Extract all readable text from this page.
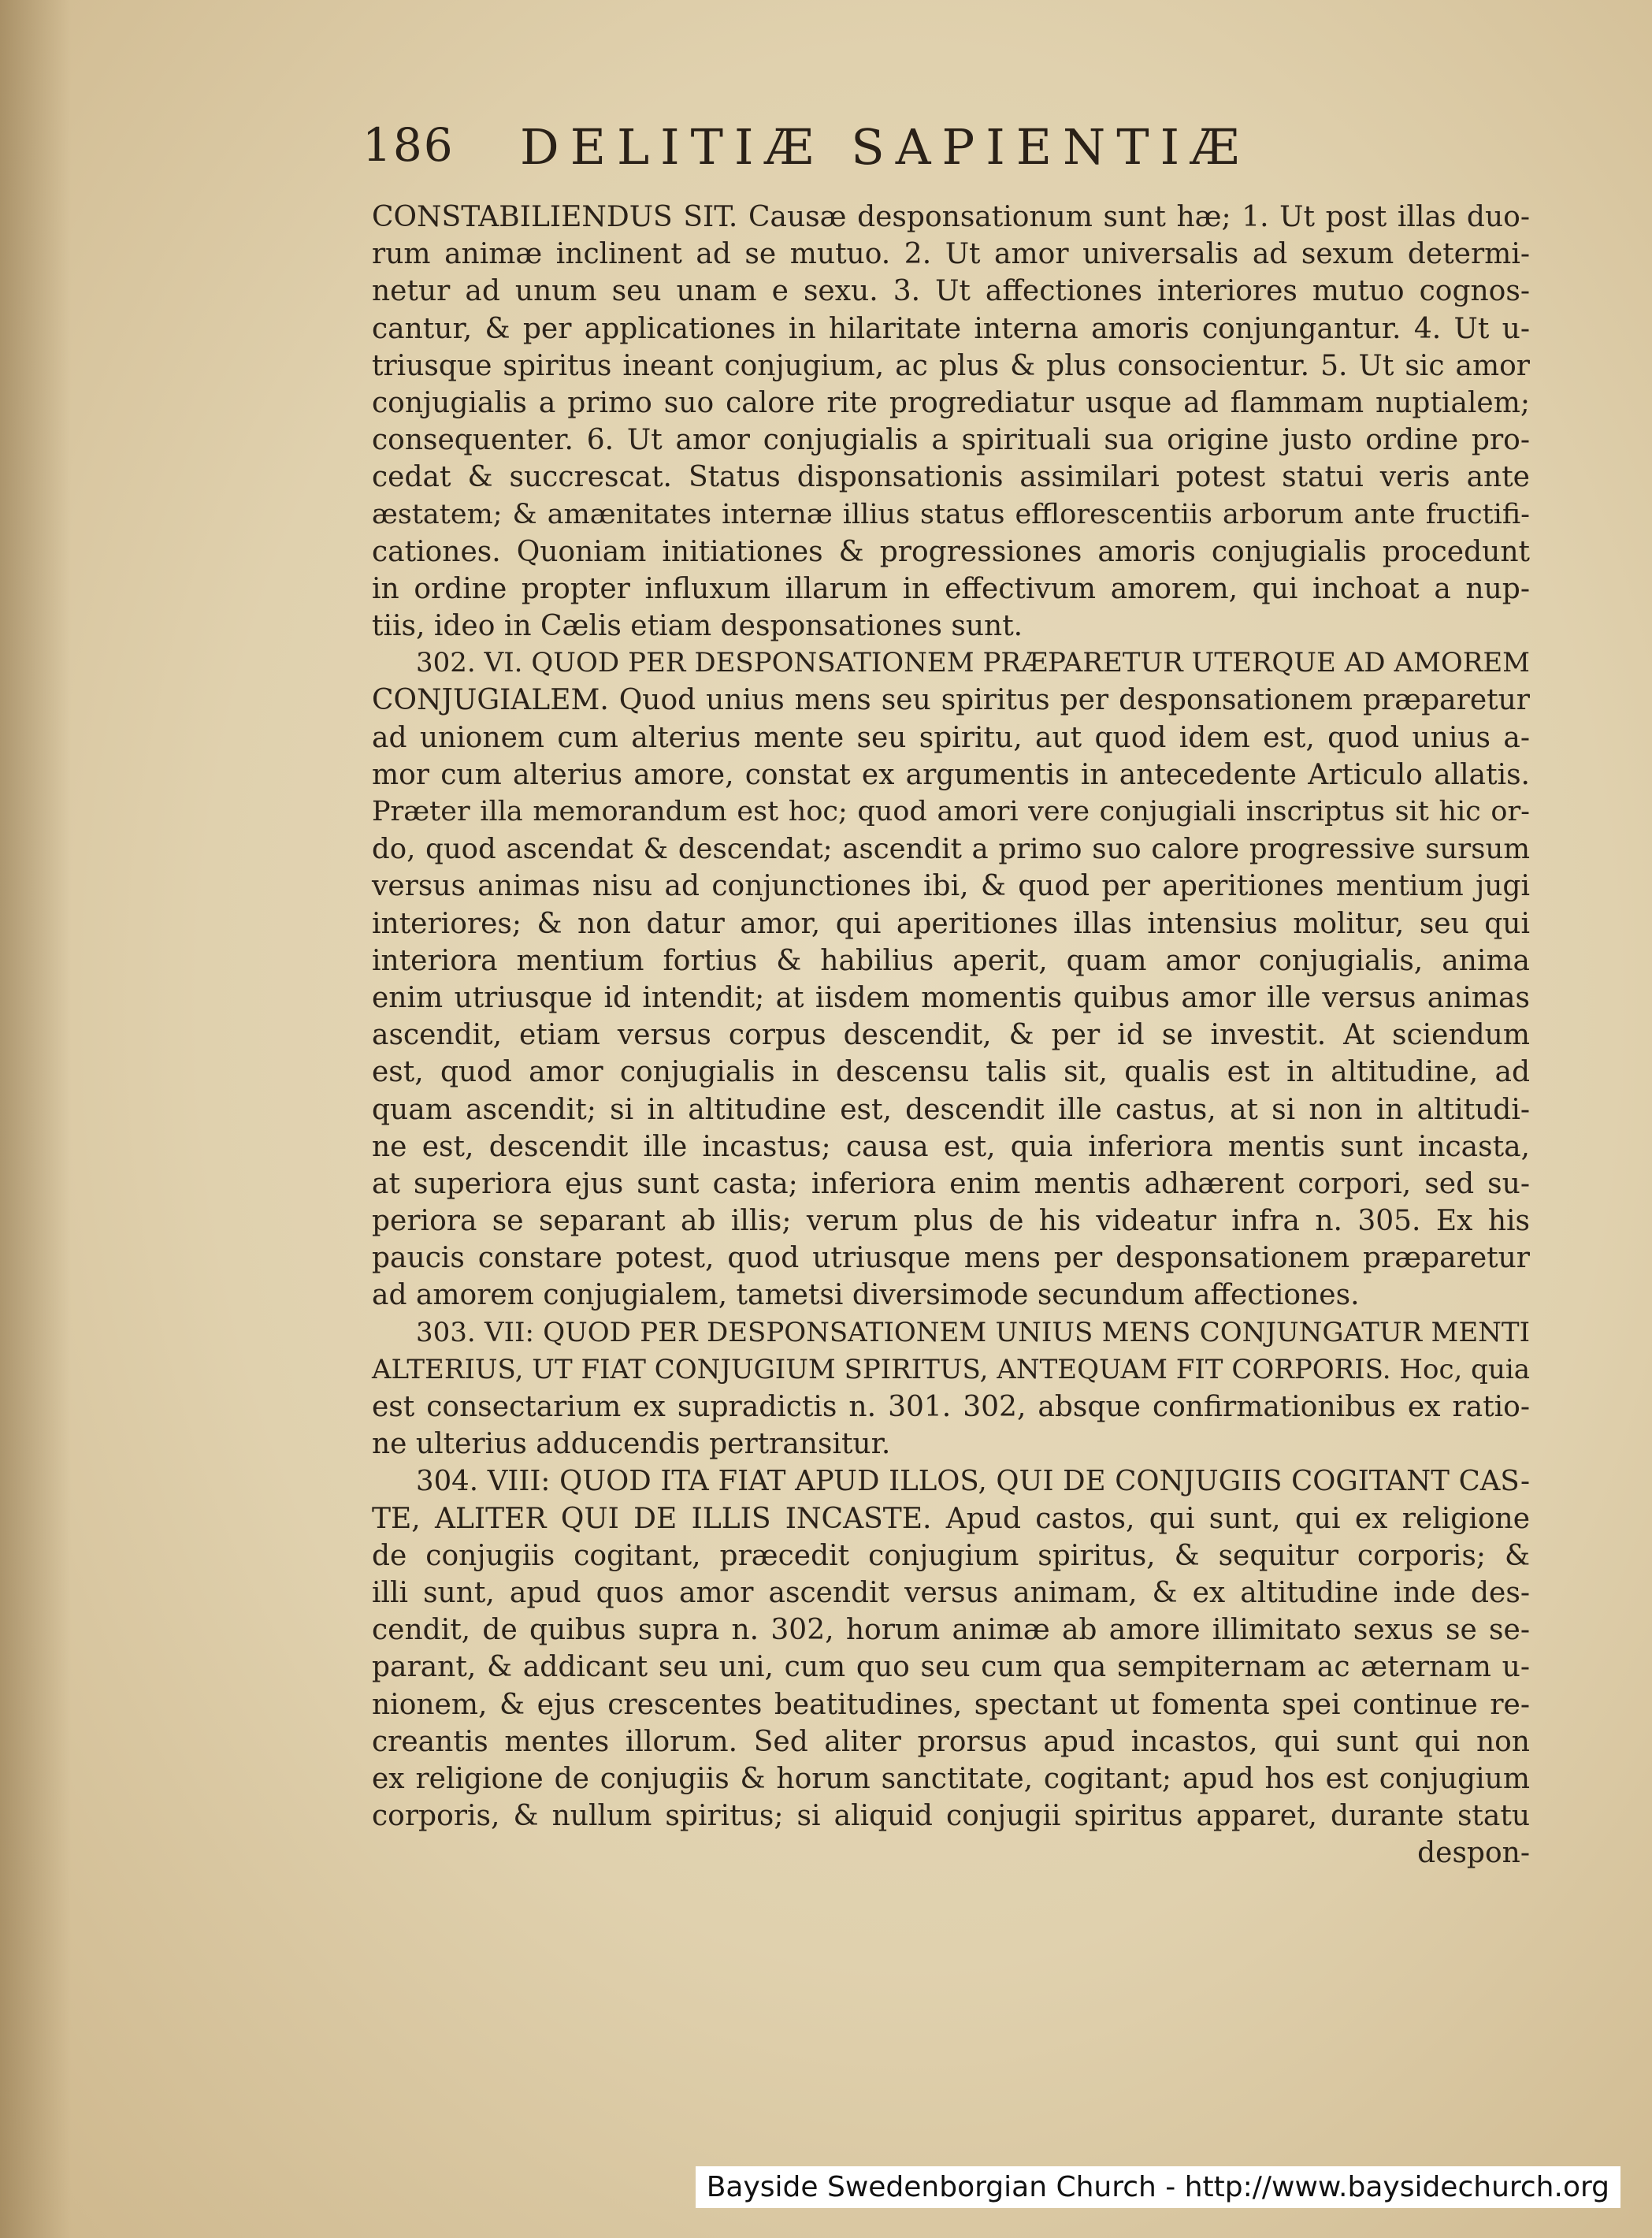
186 DELITIÆ SAPIENTIÆ
CONSTABILIENDUS SIT. Causæ desponsationum sunt hæ; 1. Ut post illas duo-
rum animæ inclinent ad se mutuo. 2. Ut amor universalis ad sexum determi-
netur ad unum seu unam e sexu. 3. Ut affectiones interiores mutuo cognos-
cantur, & per applicationes in hilaritate interna amoris conjungantur. 4. Ut u-
triusque spiritus ineant conjugium, ac plus & plus consocientur. 5. Ut sic amor
conjugialis a primo suo calore rite progrediatur usque ad flammam nuptialem;
consequenter. 6. Ut amor conjugialis a spirituali sua origine justo ordine pro-
cedat & succrescat. Status disponsationis assimilari potest statui veris ante
æstatem; & amænitates internæ illius status efflorescentiis arborum ante fructifi-
cationes. Quoniam initiationes & progressiones amoris conjugialis procedunt
in ordine propter influxum illarum in effectivum amorem, qui inchoat a nup-
tiis, ideo in Cælis etiam desponsationes sunt.
302. VI. QUOD PER DESPONSATIONEM PRÆPARETUR UTERQUE AD AMOREM
CONJUGIALEM. Quod unius mens seu spiritus per desponsationem præparetur
ad unionem cum alterius mente seu spiritu, aut quod idem est, quod unius a-
mor cum alterius amore, constat ex argumentis in antecedente Articulo allatis.
Præter illa memorandum est hoc; quod amori vere conjugiali inscriptus sit hic or-
do, quod ascendat & descendat; ascendit a primo suo calore progressive sursum
versus animas nisu ad conjunctiones ibi, & quod per aperitiones mentium jugi
interiores; & non datur amor, qui aperitiones illas intensius molitur, seu qui
interiora mentium fortius & habilius aperit, quam amor conjugialis, anima
enim utriusque id intendit; at iisdem momentis quibus amor ille versus animas
ascendit, etiam versus corpus descendit, & per id se investit. At sciendum
est, quod amor conjugialis in descensu talis sit, qualis est in altitudine, ad
quam ascendit; si in altitudine est, descendit ille castus, at si non in altitudi-
ne est, descendit ille incastus; causa est, quia inferiora mentis sunt incasta,
at superiora ejus sunt casta; inferiora enim mentis adhærent corpori, sed su-
periora se separant ab illis; verum plus de his videatur infra n. 305. Ex his
paucis constare potest, quod utriusque mens per desponsationem præparetur
ad amorem conjugialem, tametsi diversimode secundum affectiones.
303. VII: QUOD PER DESPONSATIONEM UNIUS MENS CONJUNGATUR MENTI
ALTERIUS, UT FIAT CONJUGIUM SPIRITUS, ANTEQUAM FIT CORPORIS. Hoc, quia
est consectarium ex supradictis n. 301. 302, absque confirmationibus ex ratio-
ne ulterius adducendis pertransitur.
304. VIII: QUOD ITA FIAT APUD ILLOS, QUI DE CONJUGIIS COGITANT CAS-
TE, ALITER QUI DE ILLIS INCASTE. Apud castos, qui sunt, qui ex religione
de conjugiis cogitant, præcedit conjugium spiritus, & sequitur corporis; &
illi sunt, apud quos amor ascendit versus animam, & ex altitudine inde des-
cendit, de quibus supra n. 302, horum animæ ab amore illimitato sexus se se-
parant, & addicant seu uni, cum quo seu cum qua sempiternam ac æternam u-
nionem, & ejus crescentes beatitudines, spectant ut fomenta spei continue re-
creantis mentes illorum. Sed aliter prorsus apud incastos, qui sunt qui non
ex religione de conjugiis & horum sanctitate, cogitant; apud hos est conjugium
corporis, & nullum spiritus; si aliquid conjugii spiritus apparet, durante statu
despon-
Bayside Swedenborgian Church - http://www.baysidechurch.org
